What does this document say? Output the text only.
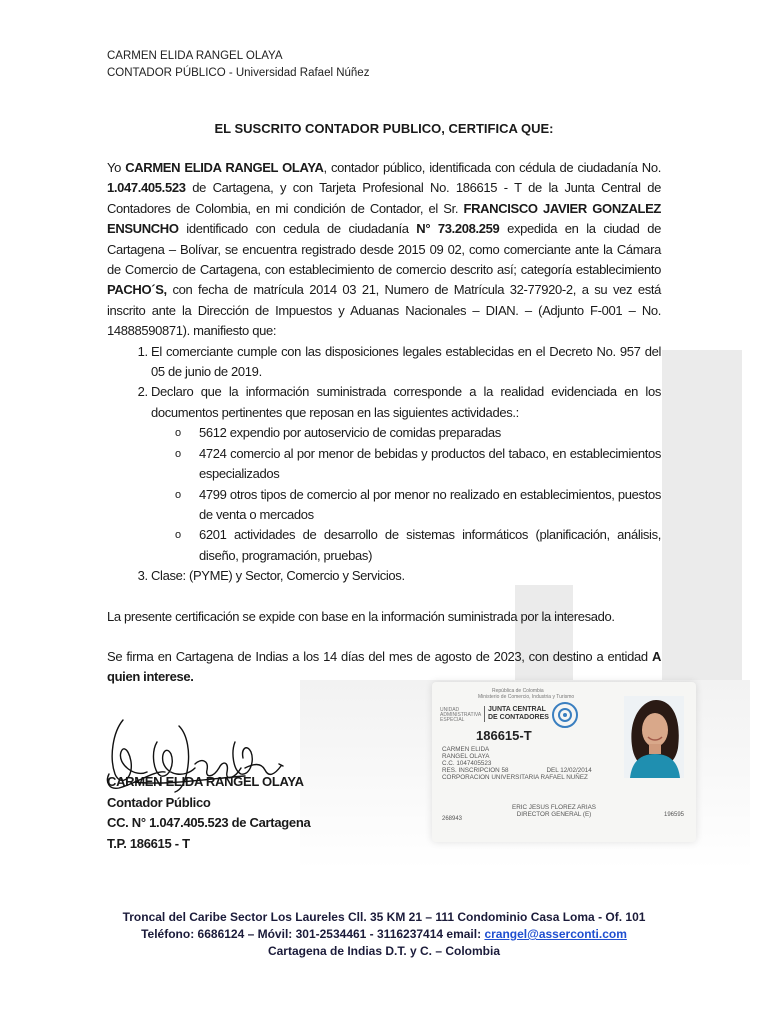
CARMEN ELIDA RANGEL OLAYA
CONTADOR PÚBLICO - Universidad Rafael Núñez
EL SUSCRITO CONTADOR PUBLICO, CERTIFICA QUE:

Yo CARMEN ELIDA RANGEL OLAYA, contador público, identificada con cédula de ciudadanía No. 1.047.405.523 de Cartagena, y con Tarjeta Profesional No. 186615 - T de la Junta Central de Contadores de Colombia, en mi condición de Contador, el Sr. FRANCISCO JAVIER GONZALEZ ENSUNCHO identificado con cedula de ciudadanía N° 73.208.259 expedida en la ciudad de Cartagena – Bolívar, se encuentra registrado desde 2015 09 02, como comerciante ante la Cámara de Comercio de Cartagena, con establecimiento de comercio descrito así; categoría establecimiento PACHO´S, con fecha de matrícula 2014 03 21, Numero de Matrícula 32-77920-2, a su vez está inscrito ante la Dirección de Impuestos y Aduanas Nacionales – DIAN. – (Adjunto F-001 – No. 14888590871). manifiesto que:

1. El comerciante cumple con las disposiciones legales establecidas en el Decreto No. 957 del 05 de junio de 2019.
2. Declaro que la información suministrada corresponde a la realidad evidenciada en los documentos pertinentes que reposan en las siguientes actividades.:
o 5612 expendio por autoservicio de comidas preparadas
o 4724 comercio al por menor de bebidas y productos del tabaco, en establecimientos especializados
o 4799 otros tipos de comercio al por menor no realizado en establecimientos, puestos de venta o mercados
o 6201 actividades de desarrollo de sistemas informáticos (planificación, análisis, diseño, programación, pruebas)
3. Clase: (PYME) y Sector, Comercio y Servicios.

La presente certificación se expide con base en la información suministrada por la interesado.

Se firma en Cartagena de Indias a los 14 días del mes de agosto de 2023, con destino a entidad A quien interese.

CARMEN ELIDA RANGEL OLAYA
Contador Público
CC. N° 1.047.405.523 de Cartagena
T.P. 186615 - T
República de Colombia
Ministerio de Comercio, Industria y Turismo
UNIDAD ADMINISTRATIVA ESPECIAL
JUNTA CENTRAL
DE CONTADORES
186615-T
CARMEN ELIDA
RANGEL OLAYA
C.C. 1047405523
RES. INSCRIPCION 58	DEL 12/02/2014
CORPORACION UNIVERSITARIA RAFAEL NUÑEZ
ERIC JESUS FLOREZ ARIAS
DIRECTOR GENERAL (E)
268943
196595
Troncal del Caribe Sector Los Laureles Cll. 35 KM 21 – 111 Condominio Casa Loma - Of. 101
Teléfono: 6686124 – Móvil: 301-2534461 - 3116237414 email: crangel@asserconti.com
Cartagena de Indias D.T. y C. – Colombia
